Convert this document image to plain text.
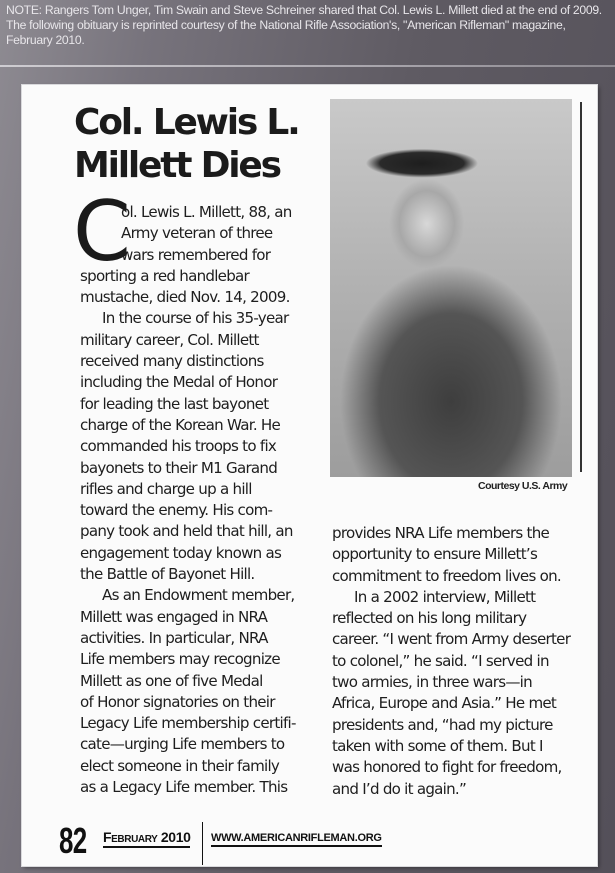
NOTE: Rangers Tom Unger, Tim Swain and Steve Schreiner shared that Col. Lewis L. Millett died at the end of 2009. The following obituary is reprinted courtesy of the National Rifle Association's, "American Rifleman" magazine, February 2010.
Col. Lewis L.
Millett Dies
C

ol. Lewis L. Millett, 88, an

Army veteran of three

wars remembered for

sporting a red handlebar

mustache, died Nov. 14, 2009.

In the course of his 35-year

military career, Col. Millett

received many distinctions

including the Medal of Honor

for leading the last bayonet

charge of the Korean War. He

commanded his troops to fix

bayonets to their M1 Garand

rifles and charge up a hill

toward the enemy. His com-

pany took and held that hill, an

engagement today known as

the Battle of Bayonet Hill.

As an Endowment member,

Millett was engaged in NRA

activities. In particular, NRA

Life members may recognize

Millett as one of five Medal

of Honor signatories on their

Legacy Life membership certifi-

cate—urging Life members to

elect someone in their family

as a Legacy Life member. This

Courtesy U.S. Army

provides NRA Life members the

opportunity to ensure Millett’s

commitment to freedom lives on.

In a 2002 interview, Millett

reflected on his long military

career. “I went from Army deserter

to colonel,” he said. “I served in

two armies, in three wars—in

Africa, Europe and Asia.” He met

presidents and, “had my picture

taken with some of them. But I

was honored to fight for freedom,

and I’d do it again.”

82 February 2010 WWW.AMERICANRIFLEMAN.ORG
